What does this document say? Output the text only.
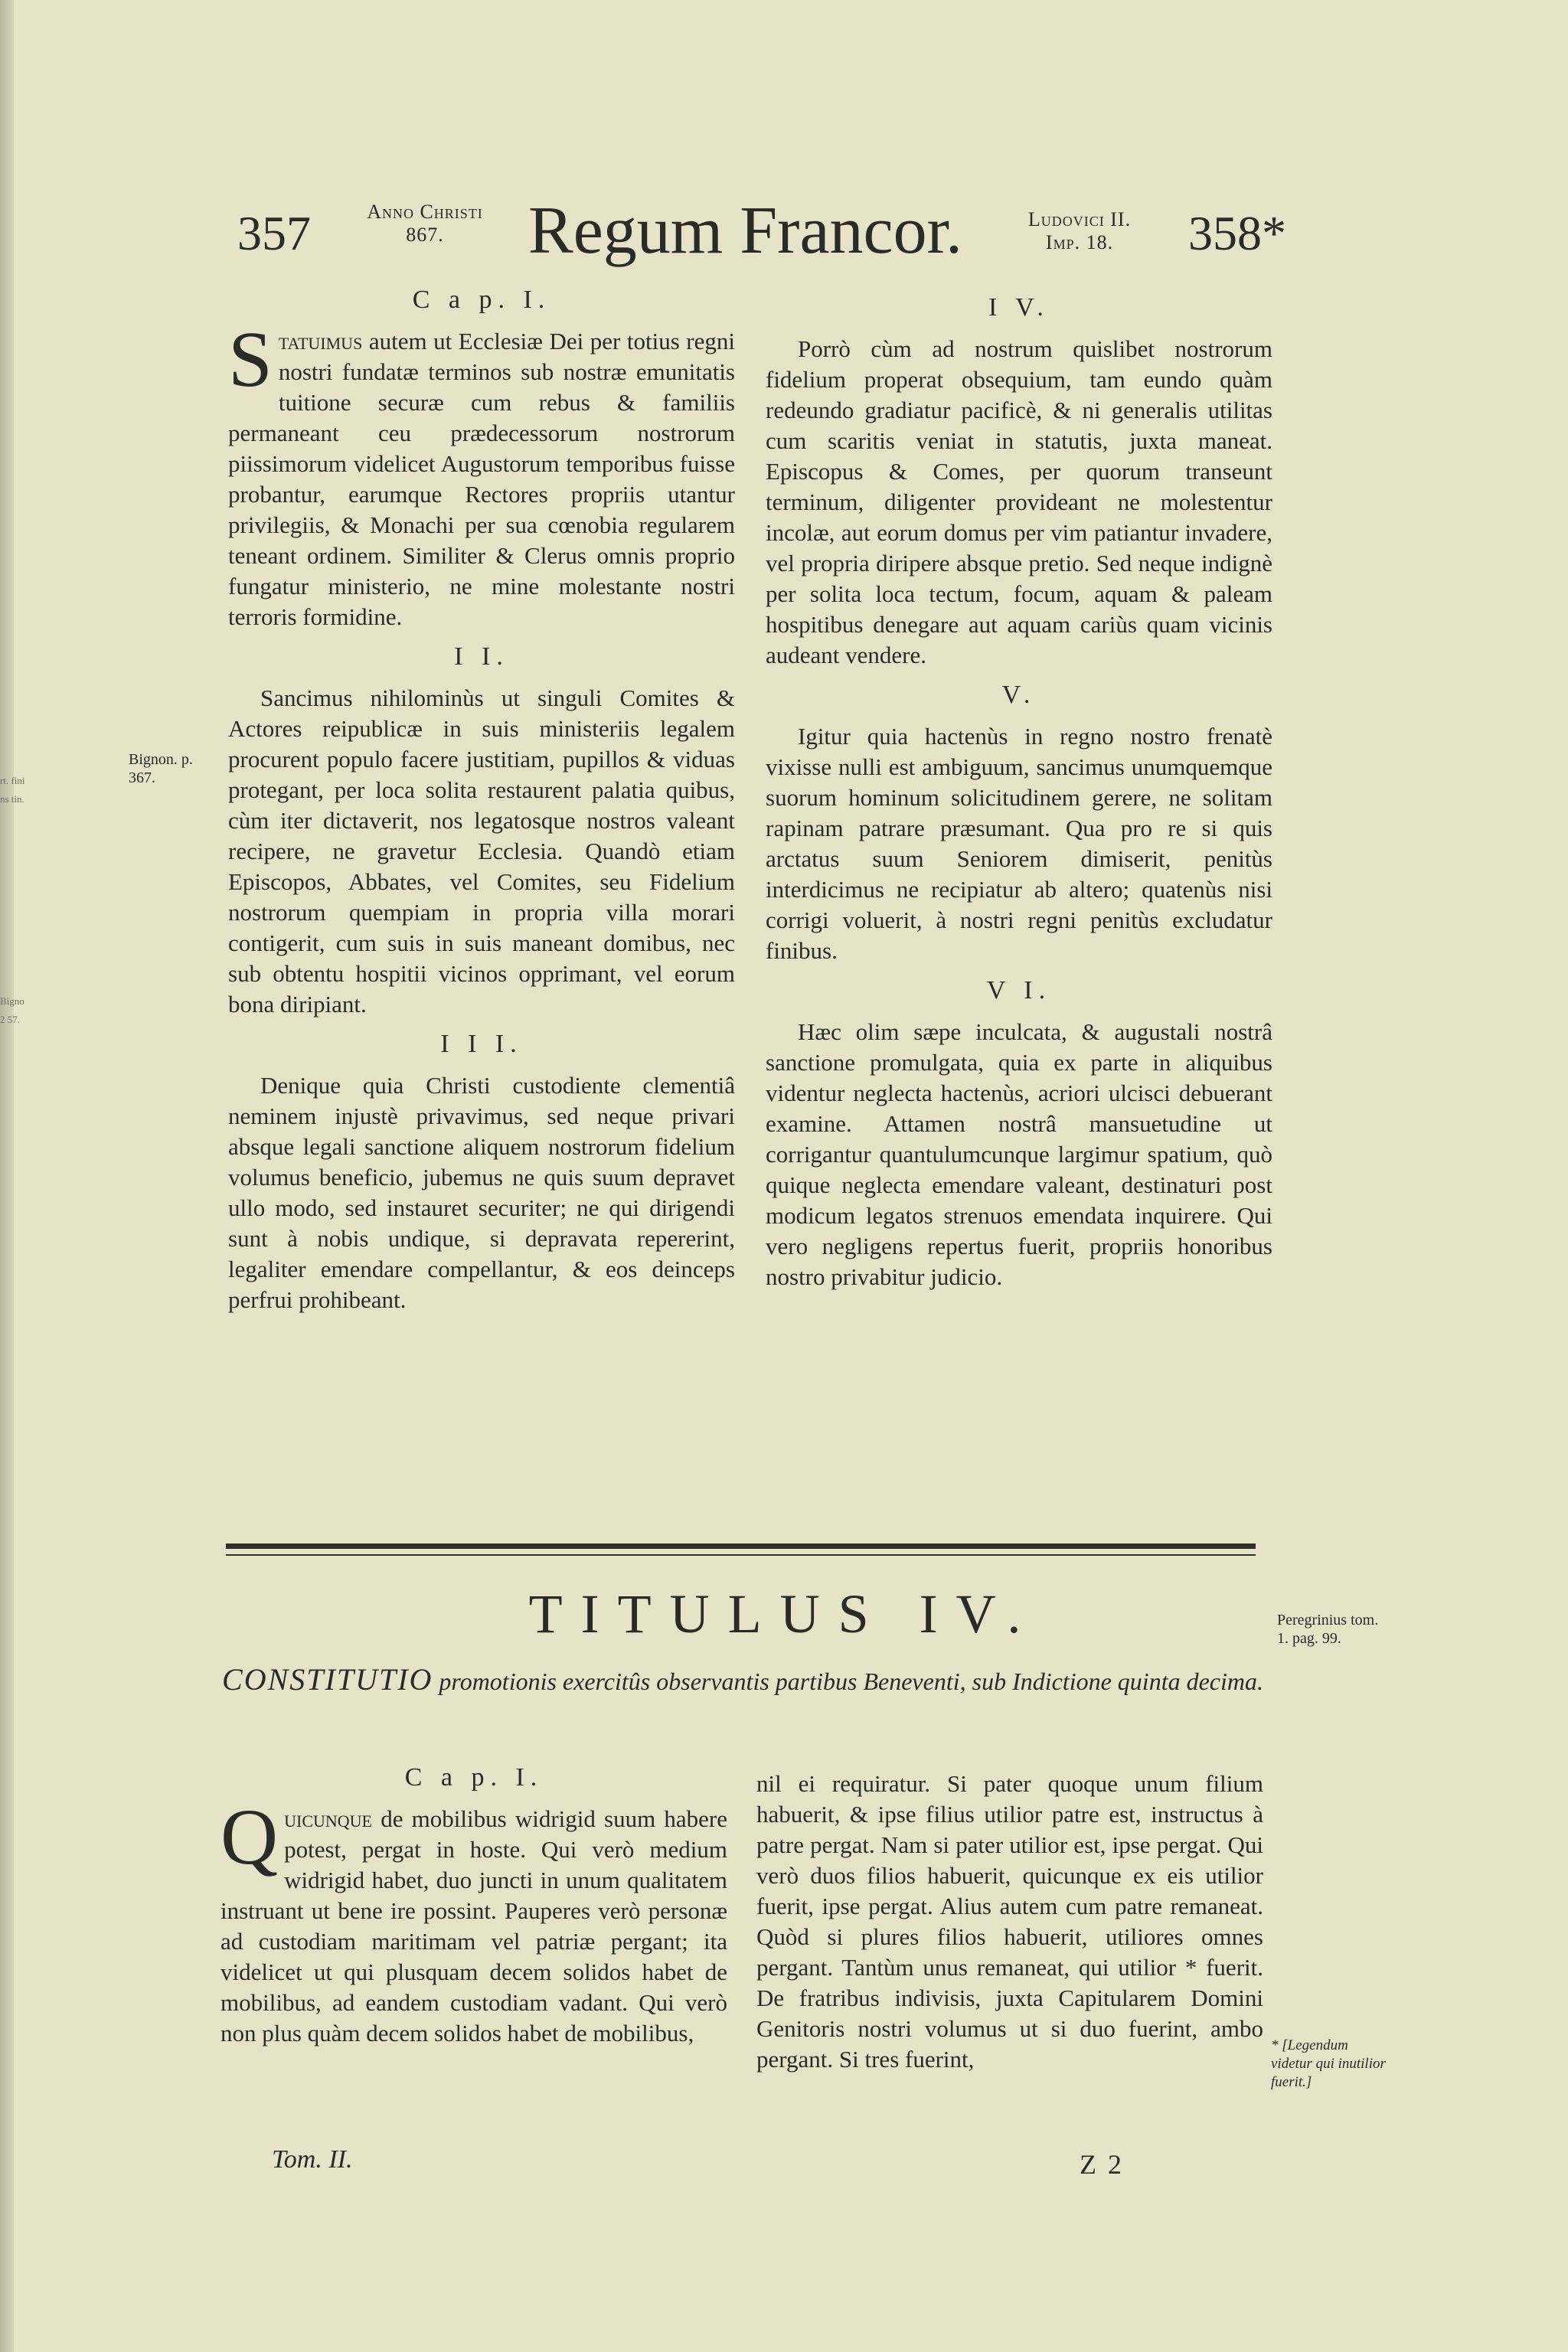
rt. fini
ns tin.
Bigno
2 57.
357	Anno Christi
867.	Regum Francor.	Ludovici II.
Imp. 18.	358*
C a p. I.

Statuimus autem ut Ecclesiæ Dei per totius regni nostri fundatæ terminos sub nostræ emunitatis tuitione securæ cum rebus & familiis permaneant ceu prædecessorum nostrorum piissimorum videlicet Augustorum temporibus fuisse probantur, earumque Rectores propriis utantur privilegiis, & Monachi per sua cœnobia regularem teneant ordinem. Similiter & Clerus omnis proprio fungatur ministerio, ne mine molestante nostri terroris formidine.

I I.

Sancimus nihilominùs ut singuli Comites & Actores reipublicæ in suis ministeriis legalem procurent populo facere justitiam, pupillos & viduas protegant, per loca solita restaurent palatia quibus, cùm iter dictaverit, nos legatosque nostros valeant recipere, ne gravetur Ecclesia. Quandò etiam Episcopos, Abbates, vel Comites, seu Fidelium nostrorum quempiam in propria villa morari contigerit, cum suis in suis maneant domibus, nec sub obtentu hospitii vicinos opprimant, vel eorum bona diripiant.

I I I.

Denique quia Christi custodiente clementiâ neminem injustè privavimus, sed neque privari absque legali sanctione aliquem nostrorum fidelium volumus beneficio, jubemus ne quis suum depravet ullo modo, sed instauret securiter; ne qui dirigendi sunt à nobis undique, si depravata repererint, legaliter emendare compellantur, & eos deinceps perfrui prohibeant.

Bignon. p. 367.
I V.

Porrò cùm ad nostrum quislibet nostrorum fidelium properat obsequium, tam eundo quàm redeundo gradiatur pacificè, & ni generalis utilitas cum scaritis veniat in statutis, juxta maneat. Episcopus & Comes, per quorum transeunt terminum, diligenter provideant ne molestentur incolæ, aut eorum domus per vim patiantur invadere, vel propria diripere absque pretio. Sed neque indignè per solita loca tectum, focum, aquam & paleam hospitibus denegare aut aquam cariùs quam vicinis audeant vendere.

V.

Igitur quia hactenùs in regno nostro frenatè vixisse nulli est ambiguum, sancimus unumquemque suorum hominum solicitudinem gerere, ne solitam rapinam patrare præsumant. Qua pro re si quis arctatus suum Seniorem dimiserit, penitùs interdicimus ne recipiatur ab altero; quatenùs nisi corrigi voluerit, à nostri regni penitùs excludatur finibus.

V I.

Hæc olim sæpe inculcata, & augustali nostrâ sanctione promulgata, quia ex parte in aliquibus videntur neglecta hactenùs, acriori ulcisci debuerant examine. Attamen nostrâ mansuetudine ut corrigantur quantulumcunque largimur spatium, quò quique neglecta emendare valeant, destinaturi post modicum legatos strenuos emendata inquirere. Qui vero negligens repertus fuerit, propriis honoribus nostro privabitur judicio.

TITULUS IV.
CONSTITUTIO promotionis exercitûs observantis partibus Beneventi, sub Indictione quinta decima.
Peregrinius tom. 1. pag. 99.
C a p. I.

Quicunque de mobilibus widrigid suum habere potest, pergat in hoste. Qui verò medium widrigid habet, duo juncti in unum qualitatem instruant ut bene ire possint. Pauperes verò personæ ad custodiam maritimam vel patriæ pergant; ita videlicet ut qui plusquam decem solidos habet de mobilibus, ad eandem custodiam vadant. Qui verò non plus quàm decem solidos habet de mobilibus,

nil ei requiratur. Si pater quoque unum filium habuerit, & ipse filius utilior patre est, instructus à patre pergat. Nam si pater utilior est, ipse pergat. Qui verò duos filios habuerit, quicunque ex eis utilior fuerit, ipse pergat. Alius autem cum patre remaneat. Quòd si plures filios habuerit, utiliores omnes pergant. Tantùm unus remaneat, qui utilior * fuerit. De fratribus indivisis, juxta Capitularem Domini Genitoris nostri volumus ut si duo fuerint, ambo pergant. Si tres fuerint,

* [Legendum videtur qui inutilior fuerit.]
Tom. II.	Z 2
